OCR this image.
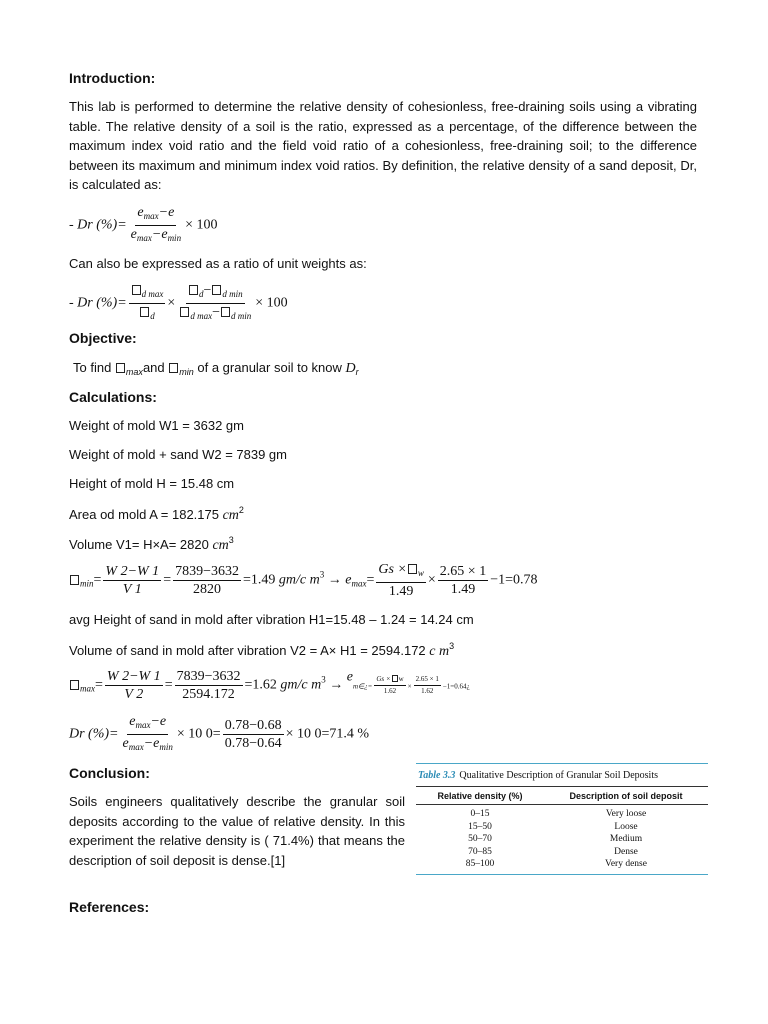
Introduction:
This lab is performed to determine the relative density of cohesionless, free-draining soils using a vibrating table. The relative density of a soil is the ratio, expressed as a percentage, of the difference between the maximum index void ratio and the field void ratio of a cohesionless, free-draining soil; to the difference between its maximum and minimum index void ratios. By definition, the relative density of a sand deposit, Dr, is calculated as:
- Dr (%)= $\frac{e_{max}-e}{e_{max}-e_{min}} \times 100$
Can also be expressed as a ratio of unit weights as:
- Dr (%)= $\frac{_{d max}}{_d} \times \frac{_d- _{d min}}{_{d max}- _{d min}} \times 100$
Objective:
To find $_{max}$and $_{min}$ of a granular soil to know $D_r$
Calculations:
Weight of mold W1 = 3632 gm
Weight of mold + sand W2 = 7839 gm
Height of mold H = 15.48 cm
Area od mold A = 182.175 $cm^2$
Volume V1= H×A= 2820 $cm^3$
$_{min}= \frac{W 2-W 1}{V 1} = \frac{7839-3632}{2820} =1.49$ gm/c $m^3 \to e_{max}= \frac{Gs \times _w}{1.49} \times \frac{2.65 \times 1}{1.49} -1=0.78$
avg Height of sand in mold after vibration H1=15.48 – 1.24 = 14.24 cm
Volume of sand in mold after vibration V2 = A× H1 = 2594.172 c $m^3$
$_{max}= \frac{W 2-W 1}{V 2} = \frac{7839-3632}{2594.172} =1.62$ gm/c $m^3$ → em∈¿= $\frac{Gs \times w}{1.62} \times \frac{2.65 \times 1}{1.62}$ −1=0.64¿
Dr (%)= $\frac{e_{max}-e}{e_{max}-e_{min}} \times 10$ $0= \frac{0.78-0.68}{0.78-0.64} \times 10$ 0=71.4 %
Conclusion:
Soils engineers qualitatively describe the granular soil deposits according to the value of relative density. In this experiment the relative density is ( 71.4%) that means the description of soil deposit is dense.[1]
References:
Table 3.3 Qualitative Description of Granular Soil Deposits
Relative density (%)	Description of soil deposit
0–15	Very loose
15–50	Loose
50–70	Medium
70–85	Dense
85–100	Very dense
